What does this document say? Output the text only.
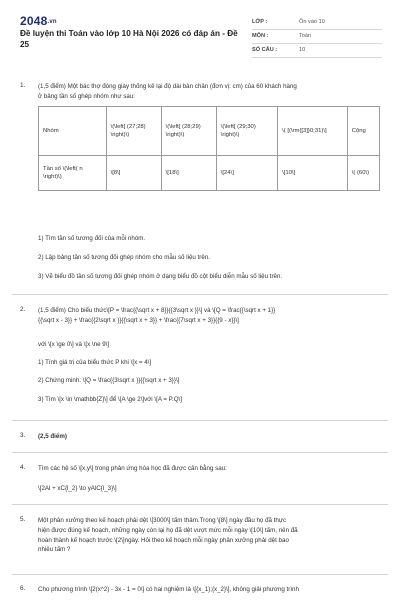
2048.vn
Đề luyện thi Toán vào lớp 10 Hà Nội 2026 có đáp án - Đề 25
LỚP :	Ôn vào 10
MÔN :	Toán
SỐ CÂU :	10
1. (1,5 điểm) Một bác thợ đóng giày thống kê lại độ dài bàn chân (đơn vị: cm) của 60 khách hàng
ở bảng tần số ghép nhóm như sau:
Nhóm	\(\left[ (27;28) \right)\)	\(\left[ (28;29) \right)\)	\(\left[ (29;30) \right)\)	\( [(\rm{[3]}0;31)\]	Cộng
Tần số \(\left( n \right)\)	\[8\]	\[18\]	\[24\]	\[10\]	\( (60\)
1) Tìm tần số tương đối của mỗi nhóm.
2) Lập bảng tần số tương đối ghép nhóm cho mẫu số liệu trên.
3) Vẽ biểu đồ tần số tương đối ghép nhóm ở dạng biểu đồ cột biểu diễn mẫu số liệu trên.
2. (1,5 điểm) Cho biểu thức\[P = \frac{{\sqrt x + 8}}{{3\sqrt x }}\] và \[Q = \frac{{\sqrt x + 1}}
{{\sqrt x - 3}} + \frac{{2\sqrt x }}{{\sqrt x + 3}} + \frac{{7\sqrt x + 3}}{{9 - x}}\]
với \[x \ge 0\] và \[x \ne 9\]
1) Tính giá trị của biểu thức P khi \[x = 4\]
2) Chứng minh: \[Q = \frac{{3\sqrt x }}{{\sqrt x + 3}}\]
3) Tìm \[x \in \mathbb{Z}\] để \[A \ge 2\]với \[A = P.Q\]
3. (2,5 điểm)
4. Tìm các hệ số \[x,y\] trong phản ứng hóa học đã được cân bằng sau:
\[2Al + xC{l_2} \to yAlC{l_3}\]
5. Một phân xưởng theo kế hoạch phải dệt \[3000\] tấm thảm.Trong \[8\] ngày đầu họ đã thực
hiện được đúng kế hoạch, những ngày còn lại họ đã dệt vượt mức mỗi ngày \[10\] tấm, nên đã
hoàn thành kế hoạch trước \[2\]ngày. Hỏi theo kế hoạch mỗi ngày phân xưởng phải dệt bao
nhiêu tấm ?
6. Cho phương trình \[2(x^2) - 3x - 1 = 0\] có hai nghiệm là \[{x_1};{x_2}\], không giải phương trình
